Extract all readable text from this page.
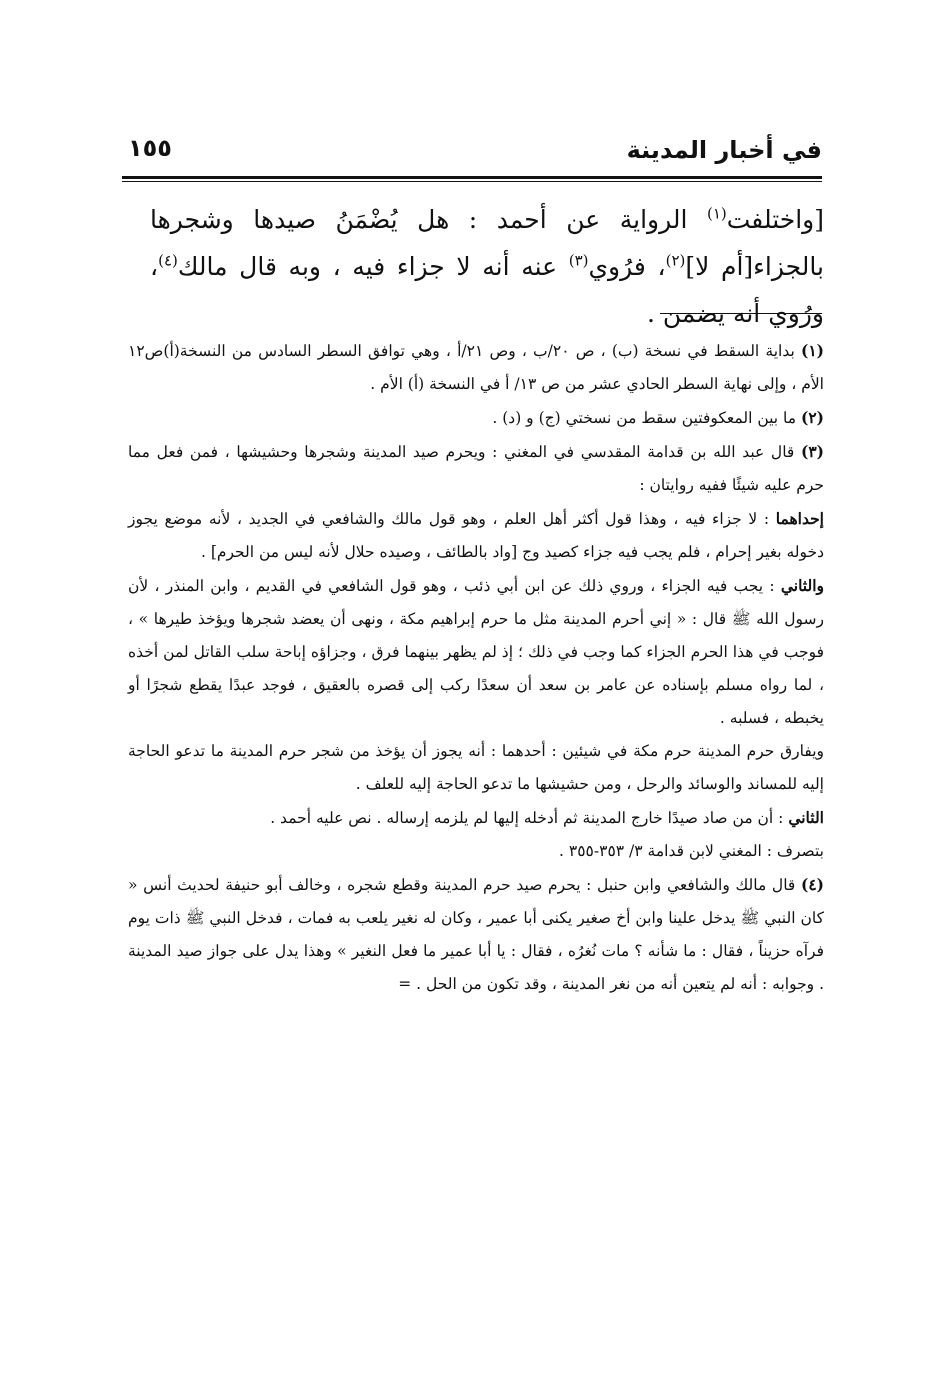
في أخبار المدينة
١٥٥
[واختلفت$^{(١)}$ الرواية عن أحمد : هل يُضْمَنُ صيدها وشجرها بالجزاء[أم لا]$^{(٢)}$، فرُوي$^{(٣)}$ عنه أنه لا جزاء فيه ، وبه قال مالك$^{(٤)}$، ورُوي أنه يضمن .
(١) بداية السقط في نسخة (ب) ، ص ٢٠/ب ، وص ٢١/أ ، وهي توافق السطر السادس من النسخة(أ)ص١٢ الأم ، وإلى نهاية السطر الحادي عشر من ص ١٣/ أ في النسخة (أ) الأم .
(٢) ما بين المعكوفتين سقط من نسختي (ج) و (د) .
(٣) قال عبد الله بن قدامة المقدسي في المغني : ويحرم صيد المدينة وشجرها وحشيشها ، فمن فعل مما حرم عليه شيئًا ففيه روايتان :
إحداهما : لا جزاء فيه ، وهذا قول أكثر أهل العلم ، وهو قول مالك والشافعي في الجديد ، لأنه موضع يجوز دخوله بغير إحرام ، فلم يجب فيه جزاء كصيد وج [واد بالطائف ، وصيده حلال لأنه ليس من الحرم] .
والثاني : يجب فيه الجزاء ، وروي ذلك عن ابن أبي ذئب ، وهو قول الشافعي في القديم ، وابن المنذر ، لأن رسول الله ﷺ قال : « إني أحرم المدينة مثل ما حرم إبراهيم مكة ، ونهى أن يعضد شجرها ويؤخذ طيرها » ، فوجب في هذا الحرم الجزاء كما وجب في ذلك ؛ إذ لم يظهر بينهما فرق ، وجزاؤه إباحة سلب القاتل لمن أخذه ، لما رواه مسلم بإسناده عن عامر بن سعد أن سعدًا ركب إلى قصره بالعقيق ، فوجد عبدًا يقطع شجرًا أو يخبطه ، فسلبه .
ويفارق حرم المدينة حرم مكة في شيئين : أحدهما : أنه يجوز أن يؤخذ من شجر حرم المدينة ما تدعو الحاجة إليه للمساند والوسائد والرحل ، ومن حشيشها ما تدعو الحاجة إليه للعلف .
الثاني : أن من صاد صيدًا خارج المدينة ثم أدخله إليها لم يلزمه إرساله . نص عليه أحمد .
بتصرف : المغني لابن قدامة ٣/ ٣٥٣-٣٥٥ .
(٤) قال مالك والشافعي وابن حنبل : يحرم صيد حرم المدينة وقطع شجره ، وخالف أبو حنيفة لحديث أنس « كان النبي ﷺ يدخل علينا وابن أخ صغير يكنى أبا عمير ، وكان له نغير يلعب به فمات ، فدخل النبي ﷺ ذات يوم فرآه حزيناً ، فقال : ما شأنه ؟ مات نُغرُه ، فقال : يا أبا عمير ما فعل النغير » وهذا يدل على جواز صيد المدينة . وجوابه : أنه لم يتعين أنه من نغر المدينة ، وقد تكون من الحل . =
